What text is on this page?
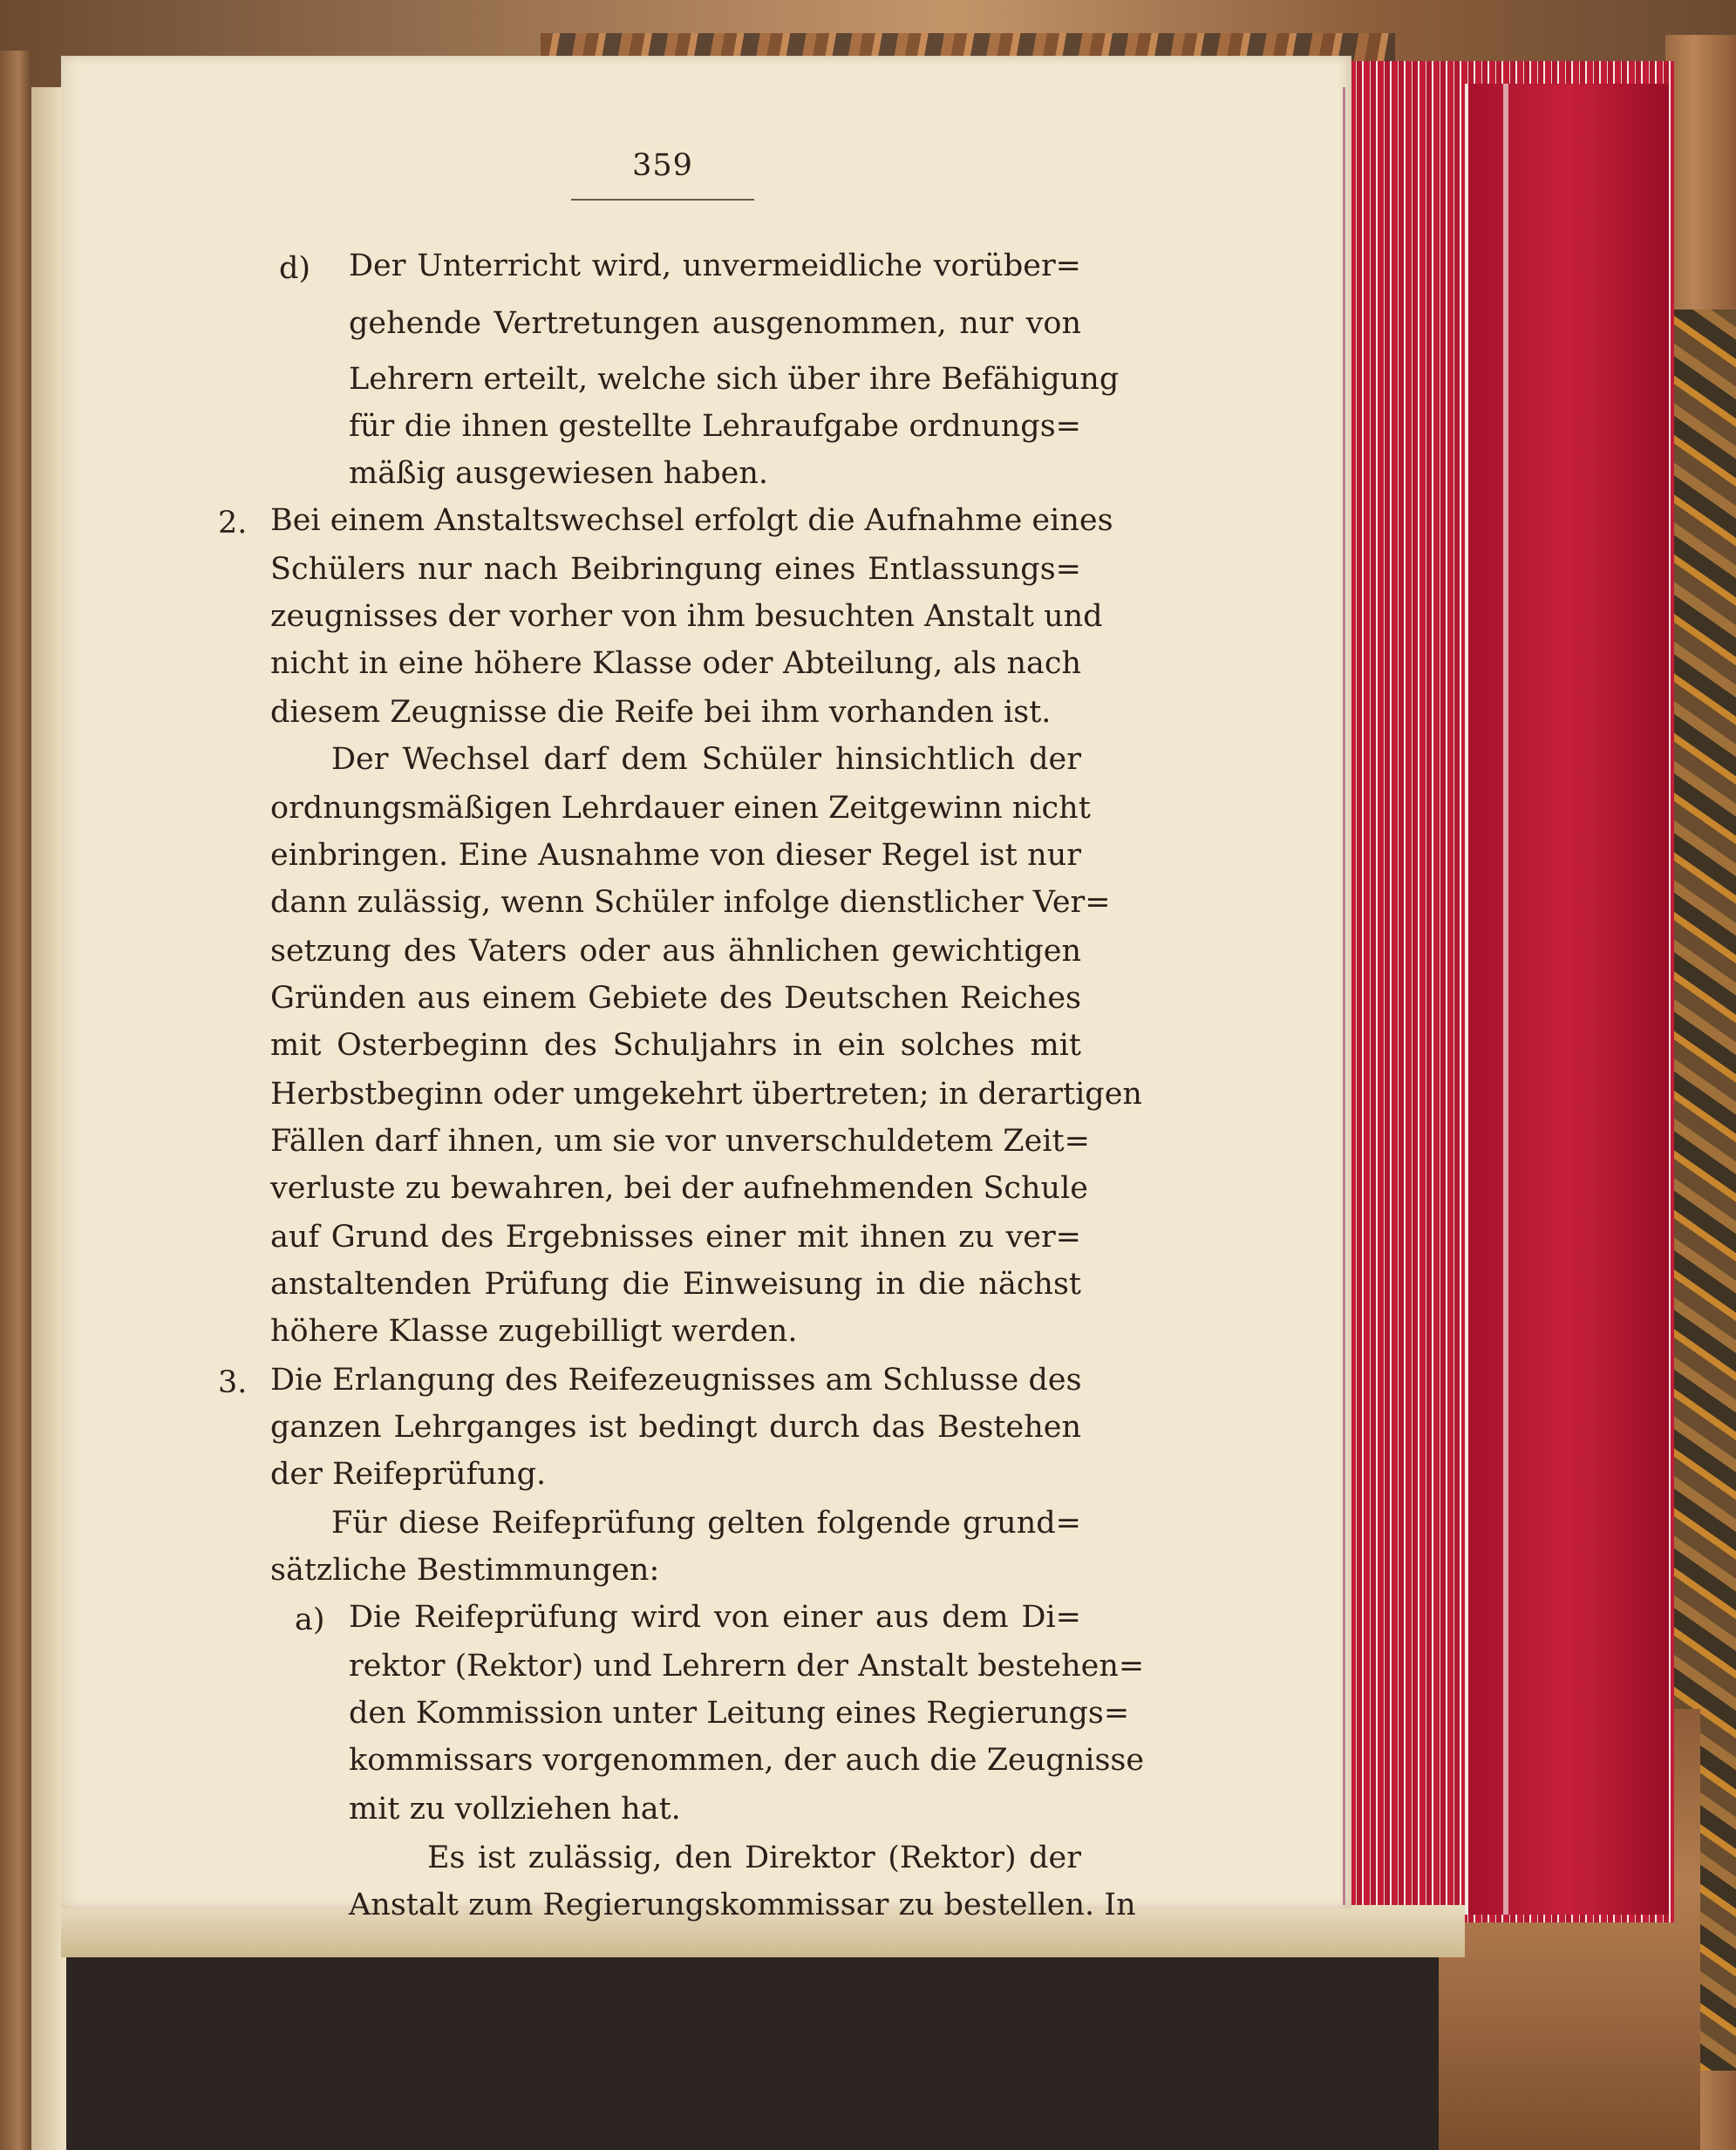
359
d) Der Unterricht wird, unvermeidliche vorüber=
gehende Vertretungen ausgenommen, nur von
Lehrern erteilt, welche sich über ihre Befähigung
für die ihnen gestellte Lehraufgabe ordnungs=
mäßig ausgewiesen haben.
2. Bei einem Anstaltswechsel erfolgt die Aufnahme eines
Schülers nur nach Beibringung eines Entlassungs=
zeugnisses der vorher von ihm besuchten Anstalt und
nicht in eine höhere Klasse oder Abteilung, als nach
diesem Zeugnisse die Reife bei ihm vorhanden ist.
Der Wechsel darf dem Schüler hinsichtlich der
ordnungsmäßigen Lehrdauer einen Zeitgewinn nicht
einbringen. Eine Ausnahme von dieser Regel ist nur
dann zulässig, wenn Schüler infolge dienstlicher Ver=
setzung des Vaters oder aus ähnlichen gewichtigen
Gründen aus einem Gebiete des Deutschen Reiches
mit Osterbeginn des Schuljahrs in ein solches mit
Herbstbeginn oder umgekehrt übertreten; in derartigen
Fällen darf ihnen, um sie vor unverschuldetem Zeit=
verluste zu bewahren, bei der aufnehmenden Schule
auf Grund des Ergebnisses einer mit ihnen zu ver=
anstaltenden Prüfung die Einweisung in die nächst
höhere Klasse zugebilligt werden.
3. Die Erlangung des Reifezeugnisses am Schlusse des
ganzen Lehrganges ist bedingt durch das Bestehen
der Reifeprüfung.
Für diese Reifeprüfung gelten folgende grund=
sätzliche Bestimmungen:
a) Die Reifeprüfung wird von einer aus dem Di=
rektor (Rektor) und Lehrern der Anstalt bestehen=
den Kommission unter Leitung eines Regierungs=
kommissars vorgenommen, der auch die Zeugnisse
mit zu vollziehen hat.
Es ist zulässig, den Direktor (Rektor) der
Anstalt zum Regierungskommissar zu bestellen. In
